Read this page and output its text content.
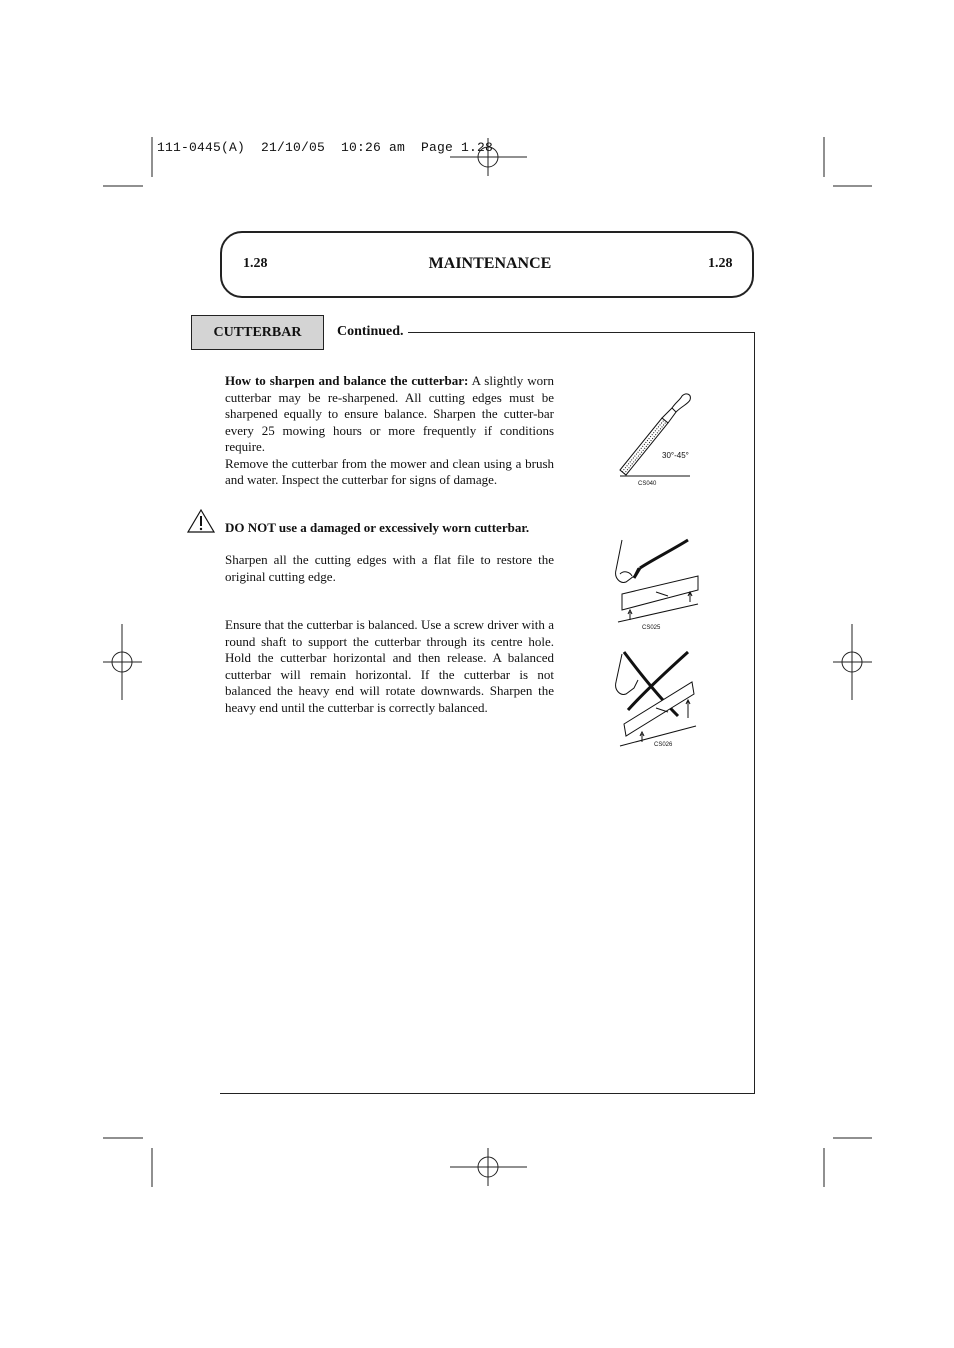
111-0445(A)  21/10/05  10:26 am  Page 1.28
1.28	MAINTENANCE	1.28
CUTTERBAR	Continued.
How to sharpen and balance the cutterbar: A slightly worn cutterbar may be re-sharpened. All cutting edges must be sharpened equally to ensure balance. Sharpen the cutter-bar every 25 mowing hours or more frequently if conditions require.
Remove the cutterbar from the mower and clean using a brush and water. Inspect the cutterbar for signs of damage.
DO NOT use a damaged or excessively worn cutterbar.
Sharpen all the cutting edges with a flat file to restore the original cutting edge.
Ensure that the cutterbar is balanced. Use a screw driver with a round shaft to support the cutterbar through its centre hole. Hold the cutterbar horizontal and then release. A balanced cutterbar will remain horizontal. If the cutterbar is not balanced the heavy end will rotate downwards. Sharpen the heavy end until the cutterbar is correctly balanced.
30°-45°
CS040
CS025
CS026
